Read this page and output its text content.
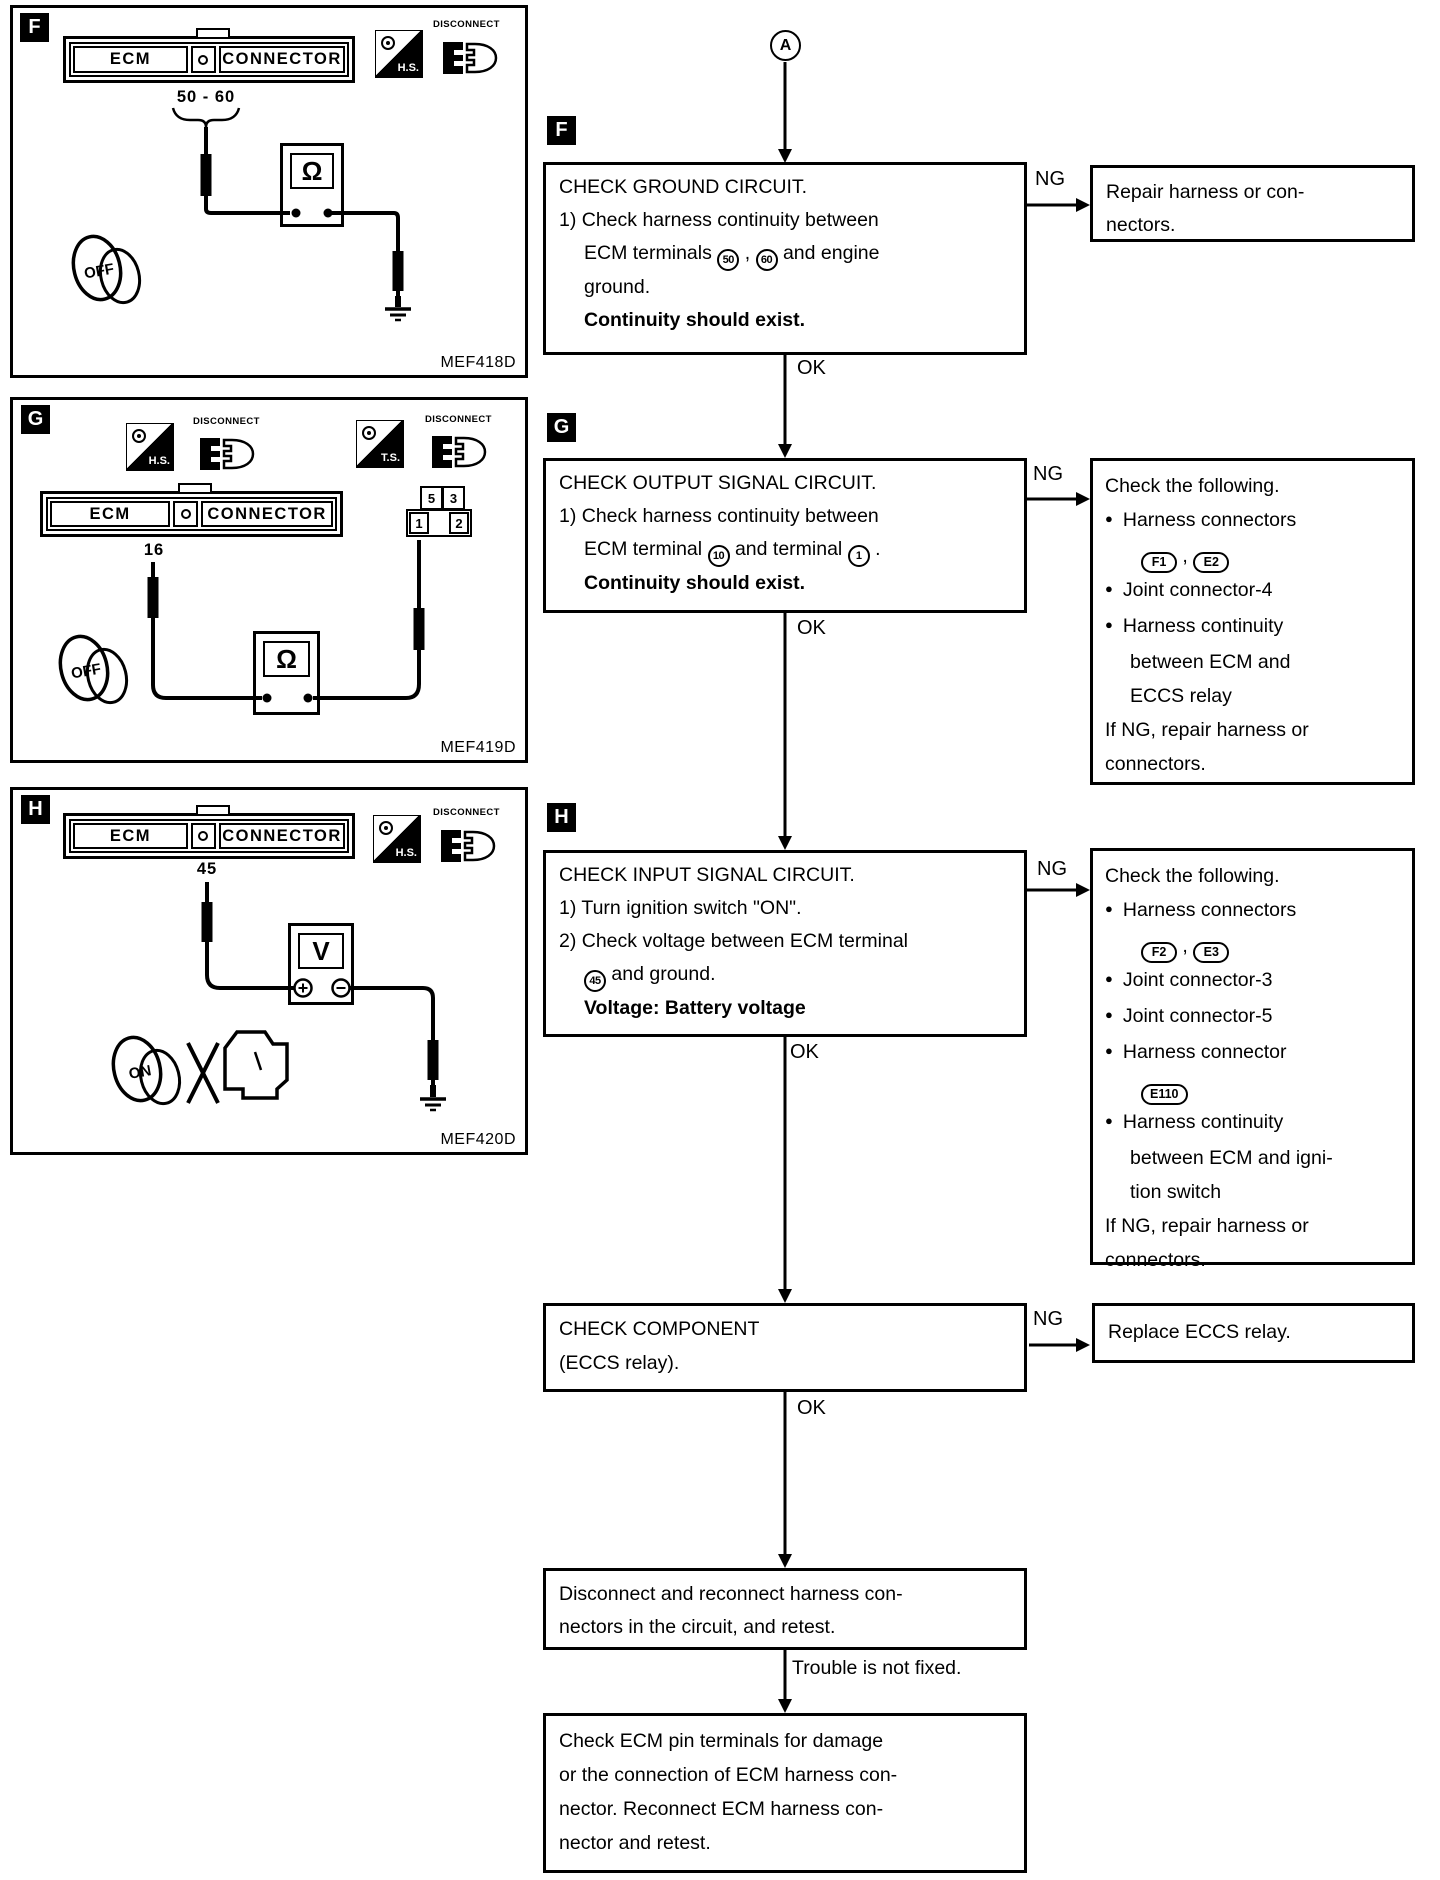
OFF
F
ECM	CONNECTOR
50 - 60
H.S.
DISCONNECT
Ω
MEF418D
OFF
G
H.S.
DISCONNECT
T.S.
DISCONNECT
ECM	CONNECTOR
16
5	3
1	2
Ω
MEF419D
ON
H
ECM	CONNECTOR
45
H.S.
DISCONNECT
V
MEF420D
A
F
CHECK GROUND CIRCUIT.
1) Check harness continuity between
ECM terminals 50 , 60 and engine
ground.
Continuity should exist.
NG
Repair harness or con-
nectors.
OK
G
CHECK OUTPUT SIGNAL CIRCUIT.
1) Check harness continuity between
ECM terminal 10 and terminal 1 .
Continuity should exist.
NG
Check the following.
● Harness connectors
F1 , E2
● Joint connector-4
● Harness continuity
between ECM and
ECCS relay
If NG, repair harness or
connectors.
OK
H
CHECK INPUT SIGNAL CIRCUIT.
1) Turn ignition switch "ON".
2) Check voltage between ECM terminal
45 and ground.
Voltage: Battery voltage
NG Check the following.
● Harness connectors
F2 , E3
● Joint connector-3
● Joint connector-5
● Harness connector
E110
● Harness continuity
between ECM and igni-
tion switch
If NG, repair harness or
connectors.
OK
CHECK COMPONENT
(ECCS relay).
NG
Replace ECCS relay.
OK
Disconnect and reconnect harness con-
nectors in the circuit, and retest.
Trouble is not fixed.
Check ECM pin terminals for damage
or the connection of ECM harness con-
nector. Reconnect ECM harness con-
nector and retest.
